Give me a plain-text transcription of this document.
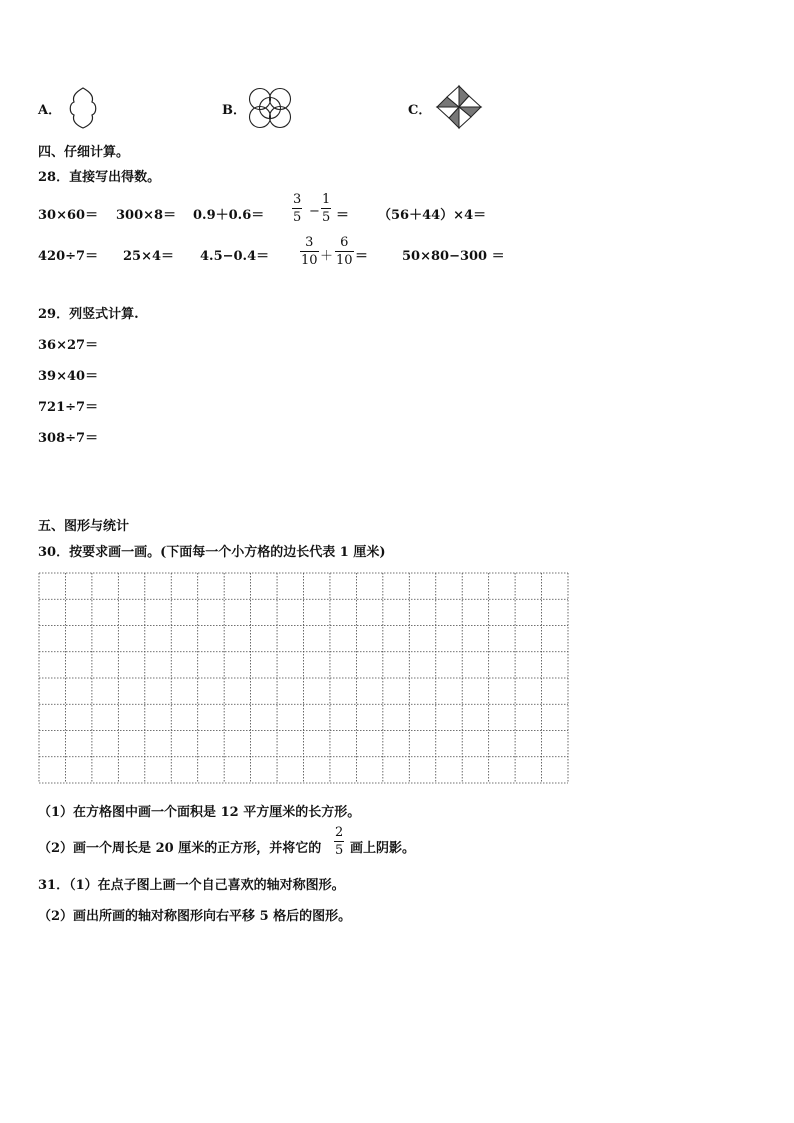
A．	B．	C．
四、仔细计算。
28．直接写出得数。
30×60＝ 300×8＝ 0.9＋0.6＝
3
5 −
1
5 ＝ （56＋44）×4＝
420÷7＝ 25×4＝ 4.5−0.4＝
3
10 ＋
6
10 ＝	50×80−300 ＝
29．列竖式计算.
36×27＝
39×40＝
721÷7＝
308÷7＝
五、图形与统计
30．按要求画一画。(下面每一个小方格的边长代表 1 厘米)
（1）在方格图中画一个面积是 12 平方厘米的长方形。
（2）画一个周长是 20 厘米的正方形，并将它的
2
5 画上阴影。
31．（1）在点子图上画一个自己喜欢的轴对称图形。
（2）画出所画的轴对称图形向右平移 5 格后的图形。
